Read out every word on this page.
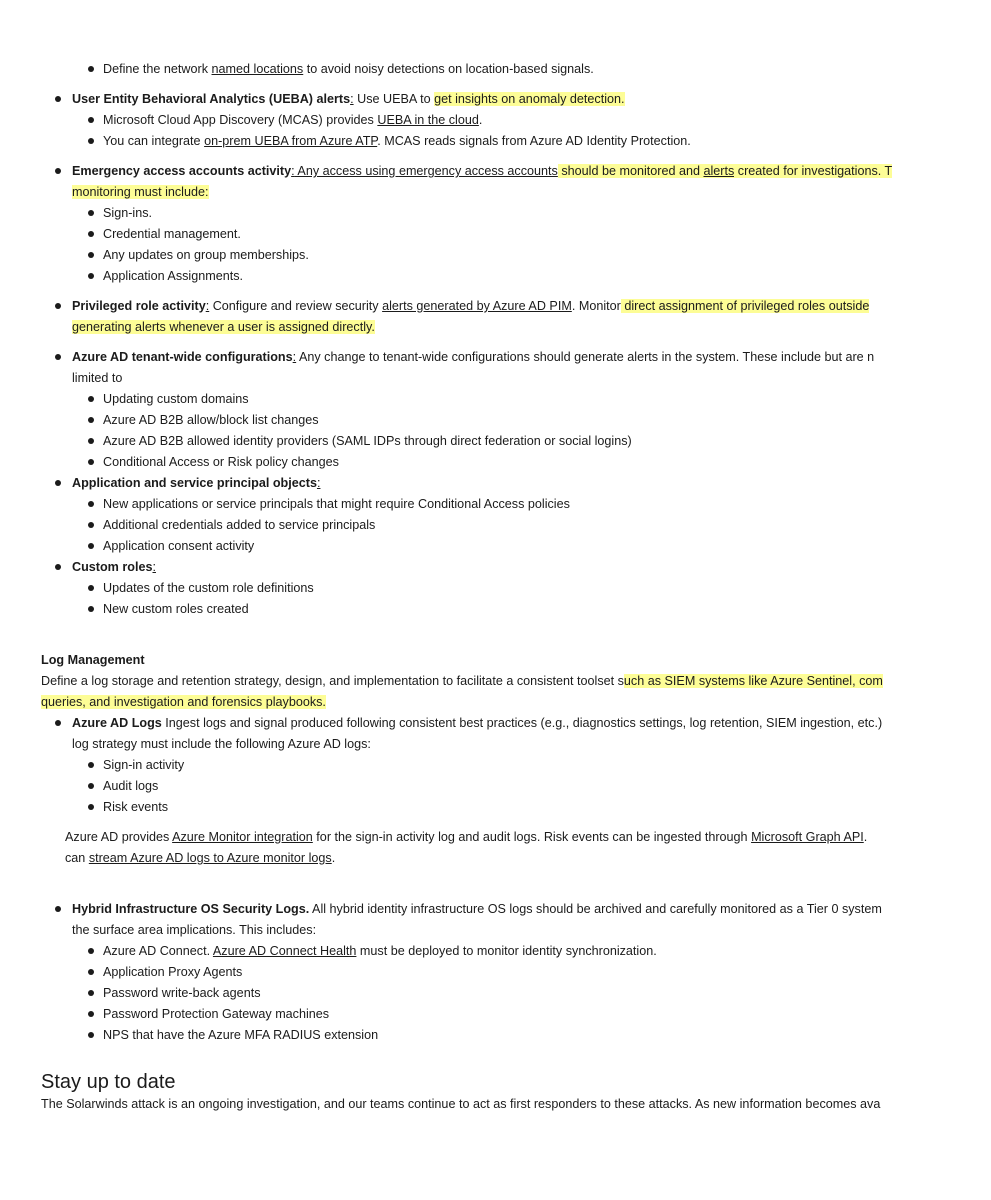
Define the network named locations to avoid noisy detections on location-based signals.
User Entity Behavioral Analytics (UEBA) alerts: Use UEBA to get insights on anomaly detection.
Microsoft Cloud App Discovery (MCAS) provides UEBA in the cloud.
You can integrate on-prem UEBA from Azure ATP. MCAS reads signals from Azure AD Identity Protection.
Emergency access accounts activity: Any access using emergency access accounts should be monitored and alerts created for investigations. T
monitoring must include:
Sign-ins.
Credential management.
Any updates on group memberships.
Application Assignments.
Privileged role activity: Configure and review security alerts generated by Azure AD PIM. Monitor direct assignment of privileged roles outside
generating alerts whenever a user is assigned directly.
Azure AD tenant-wide configurations: Any change to tenant-wide configurations should generate alerts in the system. These include but are n
limited to
Updating custom domains
Azure AD B2B allow/block list changes
Azure AD B2B allowed identity providers (SAML IDPs through direct federation or social logins)
Conditional Access or Risk policy changes
Application and service principal objects:
New applications or service principals that might require Conditional Access policies
Additional credentials added to service principals
Application consent activity
Custom roles:
Updates of the custom role definitions
New custom roles created
Log Management
Define a log storage and retention strategy, design, and implementation to facilitate a consistent toolset such as SIEM systems like Azure Sentinel, com
queries, and investigation and forensics playbooks.
Azure AD Logs Ingest logs and signal produced following consistent best practices (e.g., diagnostics settings, log retention, SIEM ingestion, etc.)
log strategy must include the following Azure AD logs:
Sign-in activity
Audit logs
Risk events
Azure AD provides Azure Monitor integration for the sign-in activity log and audit logs. Risk events can be ingested through Microsoft Graph API.
can stream Azure AD logs to Azure monitor logs.
Hybrid Infrastructure OS Security Logs. All hybrid identity infrastructure OS logs should be archived and carefully monitored as a Tier 0 system
the surface area implications. This includes:
Azure AD Connect. Azure AD Connect Health must be deployed to monitor identity synchronization.
Application Proxy Agents
Password write-back agents
Password Protection Gateway machines
NPS that have the Azure MFA RADIUS extension
Stay up to date
The Solarwinds attack is an ongoing investigation, and our teams continue to act as first responders to these attacks. As new information becomes ava
